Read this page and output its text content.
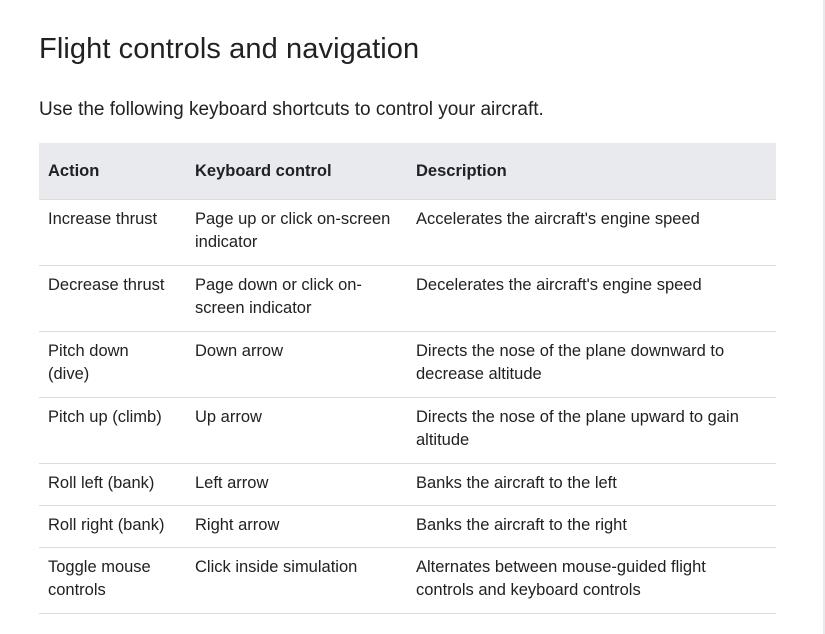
Flight controls and navigation

Use the following keyboard shortcuts to control your aircraft.

Action	Keyboard control	Description
Increase thrust	Page up or click on-screen indicator	Accelerates the aircraft's engine speed
Decrease thrust	Page down or click on-screen indicator	Decelerates the aircraft's engine speed
Pitch down (dive)	Down arrow	Directs the nose of the plane downward to decrease altitude
Pitch up (climb)	Up arrow	Directs the nose of the plane upward to gain altitude
Roll left (bank)	Left arrow	Banks the aircraft to the left
Roll right (bank)	Right arrow	Banks the aircraft to the right
Toggle mouse controls	Click inside simulation	Alternates between mouse-guided flight controls and keyboard controls
